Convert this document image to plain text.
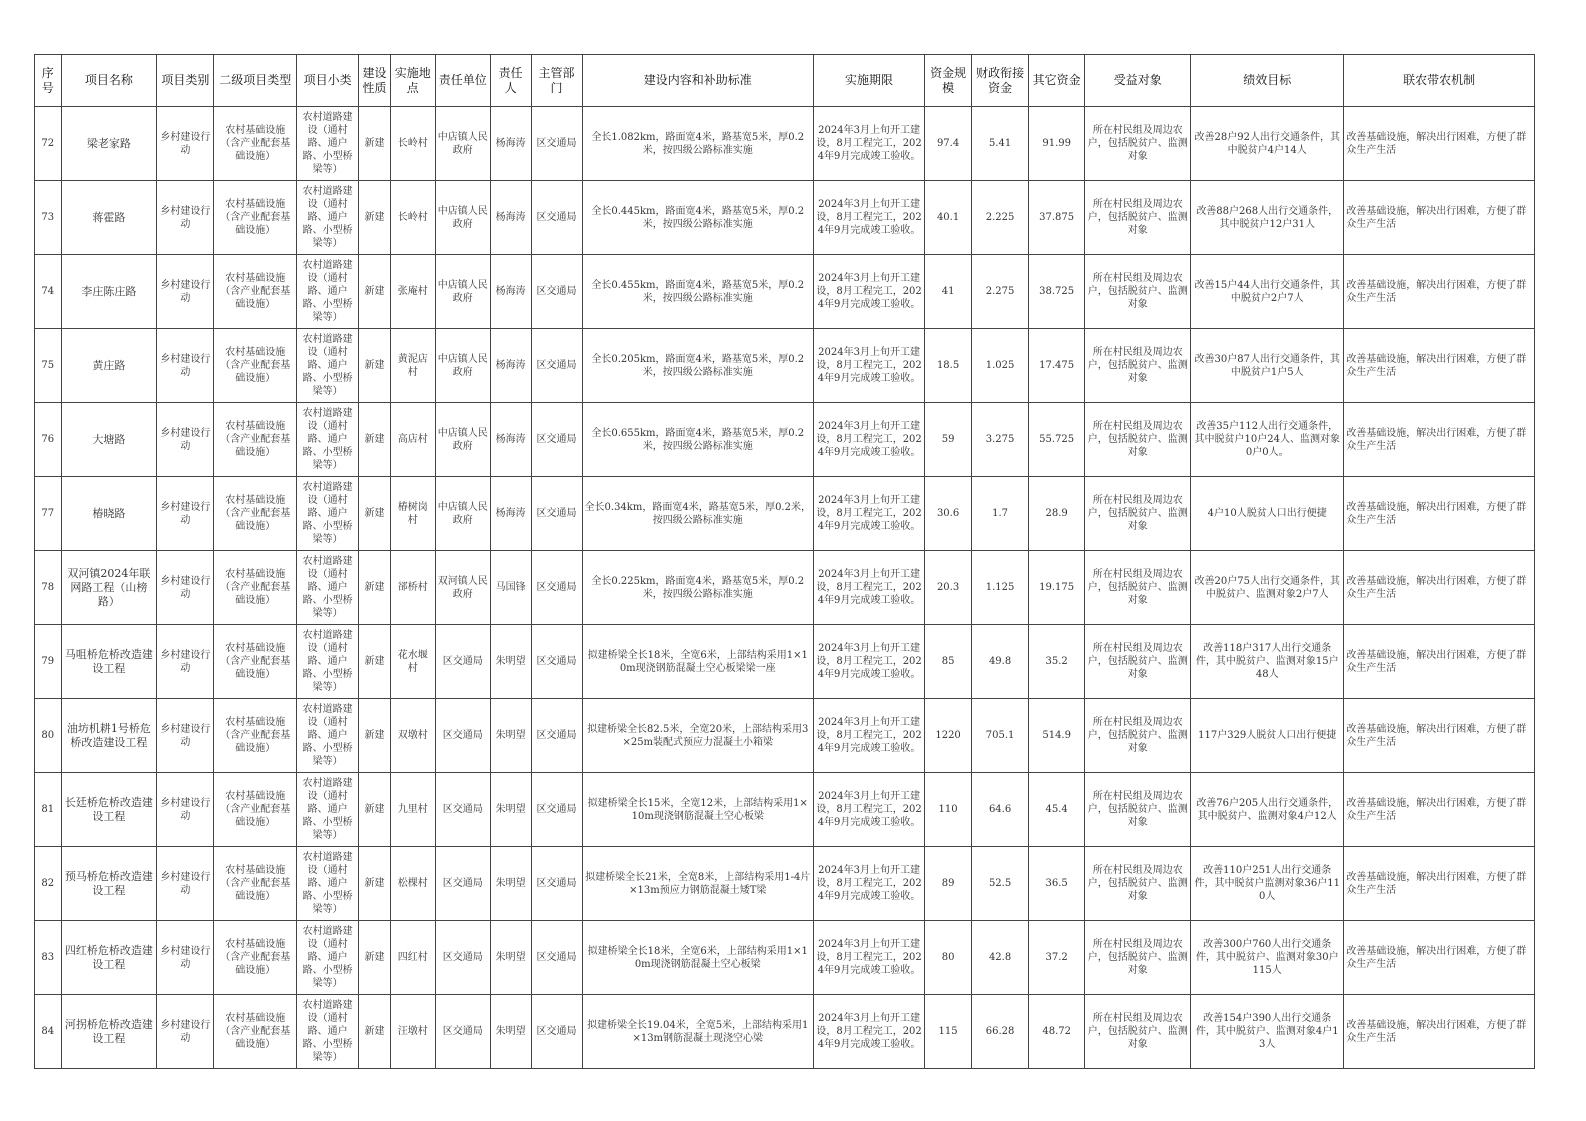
序号	项目名称	项目类别	二级项目类型	项目小类	建设性质	实施地点	责任单位	责任人	主管部门	建设内容和补助标准	实施期限	资金规模	财政衔接资金	其它资金	受益对象	绩效目标	联农带农机制
72	梁老家路	乡村建设行动	农村基础设施（含产业配套基础设施）	农村道路建设（通村路、通户路、小型桥梁等）	新建	长岭村	中店镇人民政府	杨海涛	区交通局	全长1.082km，路面宽4米，路基宽5米，厚0.2米，按四级公路标准实施	2024年3月上旬开工建设，8月工程完工，2024年9月完成竣工验收。	97.4	5.41	91.99	所在村民组及周边农户，包括脱贫户、监测对象	改善28户92人出行交通条件，其中脱贫户4户14人	改善基础设施，解决出行困难，方便了群众生产生活
73	蒋霍路	乡村建设行动	农村基础设施（含产业配套基础设施）	农村道路建设（通村路、通户路、小型桥梁等）	新建	长岭村	中店镇人民政府	杨海涛	区交通局	全长0.445km，路面宽4米，路基宽5米，厚0.2米，按四级公路标准实施	2024年3月上旬开工建设，8月工程完工，2024年9月完成竣工验收。	40.1	2.225	37.875	所在村民组及周边农户，包括脱贫户、监测对象	改善88户268人出行交通条件，其中脱贫户12户31人	改善基础设施，解决出行困难，方便了群众生产生活
74	李庄陈庄路	乡村建设行动	农村基础设施（含产业配套基础设施）	农村道路建设（通村路、通户路、小型桥梁等）	新建	张庵村	中店镇人民政府	杨海涛	区交通局	全长0.455km，路面宽4米，路基宽5米，厚0.2米，按四级公路标准实施	2024年3月上旬开工建设，8月工程完工，2024年9月完成竣工验收。	41	2.275	38.725	所在村民组及周边农户，包括脱贫户、监测对象	改善15户44人出行交通条件，其中脱贫户2户7人	改善基础设施，解决出行困难，方便了群众生产生活
75	黄庄路	乡村建设行动	农村基础设施（含产业配套基础设施）	农村道路建设（通村路、通户路、小型桥梁等）	新建	黄泥店村	中店镇人民政府	杨海涛	区交通局	全长0.205km，路面宽4米，路基宽5米，厚0.2米，按四级公路标准实施	2024年3月上旬开工建设，8月工程完工，2024年9月完成竣工验收。	18.5	1.025	17.475	所在村民组及周边农户，包括脱贫户、监测对象	改善30户87人出行交通条件，其中脱贫户1户5人	改善基础设施，解决出行困难，方便了群众生产生活
76	大塘路	乡村建设行动	农村基础设施（含产业配套基础设施）	农村道路建设（通村路、通户路、小型桥梁等）	新建	高店村	中店镇人民政府	杨海涛	区交通局	全长0.655km，路面宽4米，路基宽5米，厚0.2米，按四级公路标准实施	2024年3月上旬开工建设，8月工程完工，2024年9月完成竣工验收。	59	3.275	55.725	所在村民组及周边农户，包括脱贫户、监测对象	改善35户112人出行交通条件，其中脱贫户10户24人、监测对象0户0人。	改善基础设施，解决出行困难，方便了群众生产生活
77	椿晓路	乡村建设行动	农村基础设施（含产业配套基础设施）	农村道路建设（通村路、通户路、小型桥梁等）	新建	椿树岗村	中店镇人民政府	杨海涛	区交通局	全长0.34km，路面宽4米，路基宽5米，厚0.2米，按四级公路标准实施	2024年3月上旬开工建设，8月工程完工，2024年9月完成竣工验收。	30.6	1.7	28.9	所在村民组及周边农户，包括脱贫户、监测对象	4户10人脱贫人口出行便捷	改善基础设施，解决出行困难，方便了群众生产生活
78	双河镇2024年联网路工程（山榜路）	乡村建设行动	农村基础设施（含产业配套基础设施）	农村道路建设（通村路、通户路、小型桥梁等）	新建	郤桥村	双河镇人民政府	马国锋	区交通局	全长0.225km，路面宽4米，路基宽5米，厚0.2米，按四级公路标准实施	2024年3月上旬开工建设，8月工程完工，2024年9月完成竣工验收。	20.3	1.125	19.175	所在村民组及周边农户，包括脱贫户、监测对象	改善20户75人出行交通条件，其中脱贫户、监测对象2户7人	改善基础设施，解决出行困难，方便了群众生产生活
79	马咀桥危桥改造建设工程	乡村建设行动	农村基础设施（含产业配套基础设施）	农村道路建设（通村路、通户路、小型桥梁等）	新建	花水堰村	区交通局	朱明望	区交通局	拟建桥梁全长18米，全宽6米，上部结构采用1×10m现浇钢筋混凝土空心板梁梁一座	2024年3月上旬开工建设，8月工程完工，2024年9月完成竣工验收。	85	49.8	35.2	所在村民组及周边农户，包括脱贫户、监测对象	改善118户317人出行交通条件，其中脱贫户、监测对象15户48人	改善基础设施，解决出行困难，方便了群众生产生活
80	油坊机耕1号桥危桥改造建设工程	乡村建设行动	农村基础设施（含产业配套基础设施）	农村道路建设（通村路、通户路、小型桥梁等）	新建	双墩村	区交通局	朱明望	区交通局	拟建桥梁全长82.5米，全宽20米，上部结构采用3×25m装配式预应力混凝土小箱梁	2024年3月上旬开工建设，8月工程完工，2024年9月完成竣工验收。	1220	705.1	514.9	所在村民组及周边农户，包括脱贫户、监测对象	117户329人脱贫人口出行便捷	改善基础设施，解决出行困难，方便了群众生产生活
81	长廷桥危桥改造建设工程	乡村建设行动	农村基础设施（含产业配套基础设施）	农村道路建设（通村路、通户路、小型桥梁等）	新建	九里村	区交通局	朱明望	区交通局	拟建桥梁全长15米，全宽12米，上部结构采用1×10m现浇钢筋混凝土空心板梁	2024年3月上旬开工建设，8月工程完工，2024年9月完成竣工验收。	110	64.6	45.4	所在村民组及周边农户，包括脱贫户、监测对象	改善76户205人出行交通条件，其中脱贫户、监测对象4户12人	改善基础设施，解决出行困难，方便了群众生产生活
82	预马桥危桥改造建设工程	乡村建设行动	农村基础设施（含产业配套基础设施）	农村道路建设（通村路、通户路、小型桥梁等）	新建	松棵村	区交通局	朱明望	区交通局	拟建桥梁全长21米，全宽8米，上部结构采用1-4片×13m预应力钢筋混凝土矮T梁	2024年3月上旬开工建设，8月工程完工，2024年9月完成竣工验收。	89	52.5	36.5	所在村民组及周边农户，包括脱贫户、监测对象	改善110户251人出行交通条件，其中脱贫户监测对象36户110人	改善基础设施，解决出行困难，方便了群众生产生活
83	四红桥危桥改造建设工程	乡村建设行动	农村基础设施（含产业配套基础设施）	农村道路建设（通村路、通户路、小型桥梁等）	新建	四红村	区交通局	朱明望	区交通局	拟建桥梁全长18米，全宽6米，上部结构采用1×10m现浇钢筋混凝土空心板梁	2024年3月上旬开工建设，8月工程完工，2024年9月完成竣工验收。	80	42.8	37.2	所在村民组及周边农户，包括脱贫户、监测对象	改善300户760人出行交通条件，其中脱贫户、监测对象30户115人	改善基础设施，解决出行困难，方便了群众生产生活
84	河拐桥危桥改造建设工程	乡村建设行动	农村基础设施（含产业配套基础设施）	农村道路建设（通村路、通户路、小型桥梁等）	新建	汪墩村	区交通局	朱明望	区交通局	拟建桥梁全长19.04米，全宽5米，上部结构采用1×13m钢筋混凝土现浇空心梁	2024年3月上旬开工建设，8月工程完工，2024年9月完成竣工验收。	115	66.28	48.72	所在村民组及周边农户，包括脱贫户、监测对象	改善154户390人出行交通条件，其中脱贫户、监测对象4户13人	改善基础设施，解决出行困难，方便了群众生产生活
